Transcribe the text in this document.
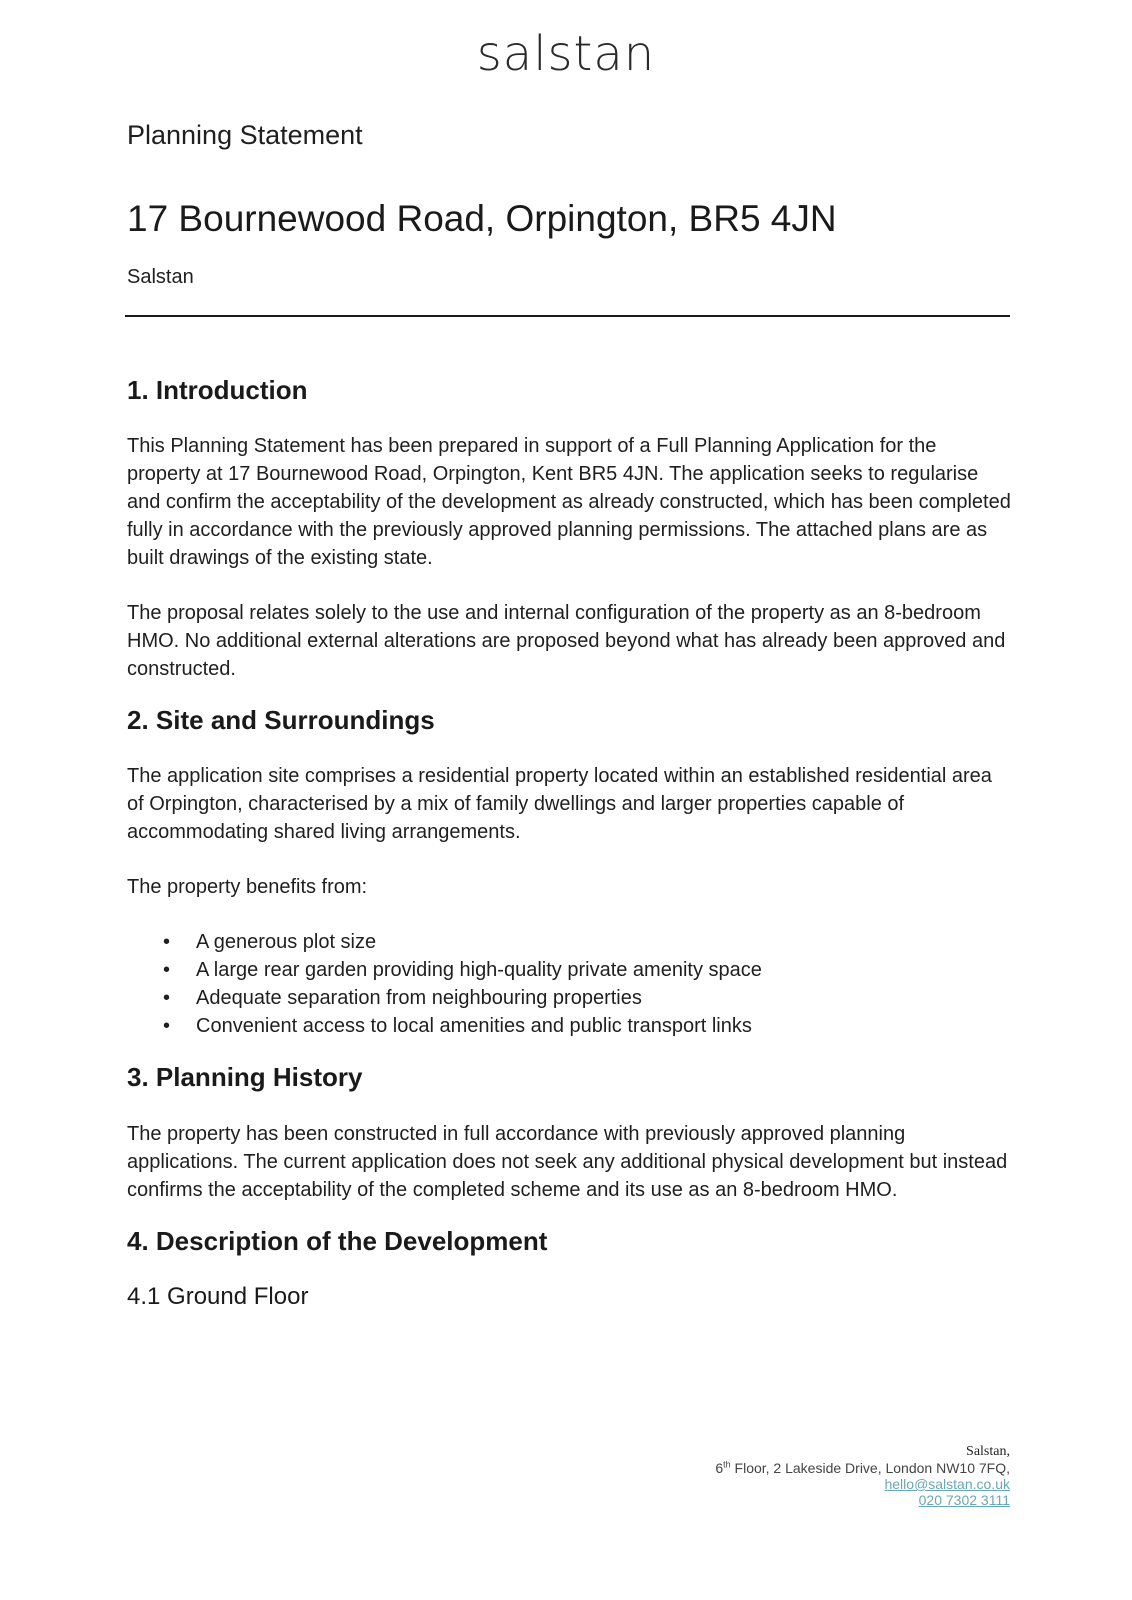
salstan
Planning Statement
17 Bournewood Road, Orpington, BR5 4JN
Salstan
1. Introduction

This Planning Statement has been prepared in support of a Full Planning Application for the property at 17 Bournewood Road, Orpington, Kent BR5 4JN. The application seeks to regularise and confirm the acceptability of the development as already constructed, which has been completed fully in accordance with the previously approved planning permissions. The attached plans are as built drawings of the existing state.

The proposal relates solely to the use and internal configuration of the property as an 8-bedroom HMO. No additional external alterations are proposed beyond what has already been approved and constructed.

2. Site and Surroundings

The application site comprises a residential property located within an established residential area of Orpington, characterised by a mix of family dwellings and larger properties capable of accommodating shared living arrangements.

The property benefits from:

• A generous plot size
• A large rear garden providing high-quality private amenity space
• Adequate separation from neighbouring properties
• Convenient access to local amenities and public transport links
3. Planning History

The property has been constructed in full accordance with previously approved planning applications. The current application does not seek any additional physical development but instead confirms the acceptability of the completed scheme and its use as an 8-bedroom HMO.

4. Description of the Development
4.1 Ground Floor
Salstan,
6th Floor, 2 Lakeside Drive, London NW10 7FQ,
hello@salstan.co.uk
020 7302 3111
